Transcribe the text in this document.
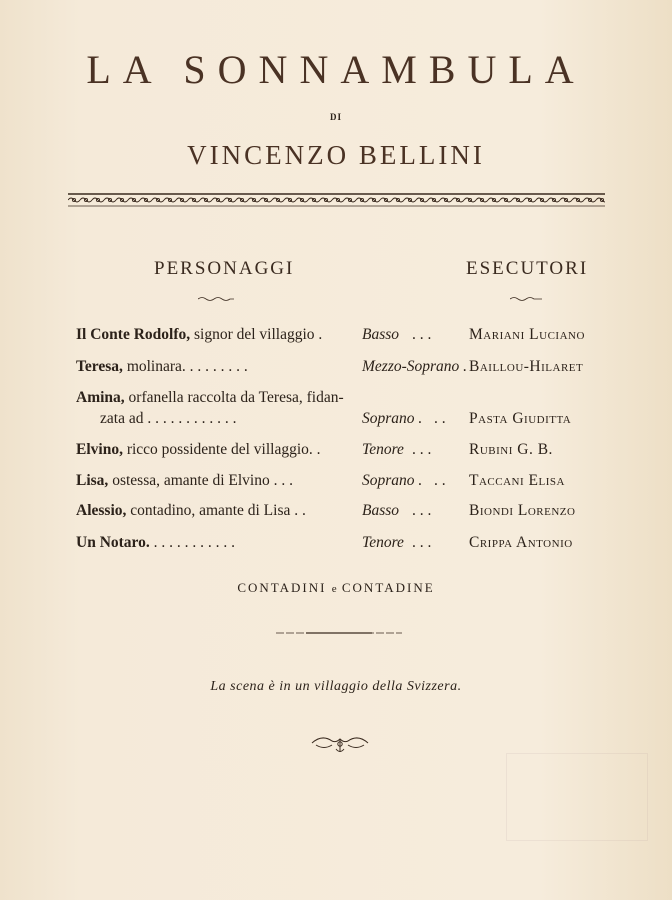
LA SONNAMBULA
DI
VINCENZO BELLINI
PERSONAGGI	ESECUTORI
Il Conte Rodolfo, signor del villaggio .	Basso . . . Mariani Luciano
Teresa, molinara. . . . . . . . .	Mezzo-Soprano . Baillou-Hilaret
Amina, orfanella raccolta da Teresa, fidan-
zata ad . . . . . . . . . . . .	Soprano . . . Pasta Giuditta
Elvino, ricco possidente del villaggio. .	Tenore . . . Rubini G. B.
Lisa, ostessa, amante di Elvino . . .	Soprano . . . Taccani Elisa
Alessio, contadino, amante di Lisa . .	Basso . . . Biondi Lorenzo
Un Notaro. . . . . . . . . . . .	Tenore . . . Crippa Antonio
CONTADINI e CONTADINE
La scena è in un villaggio della Svizzera.
